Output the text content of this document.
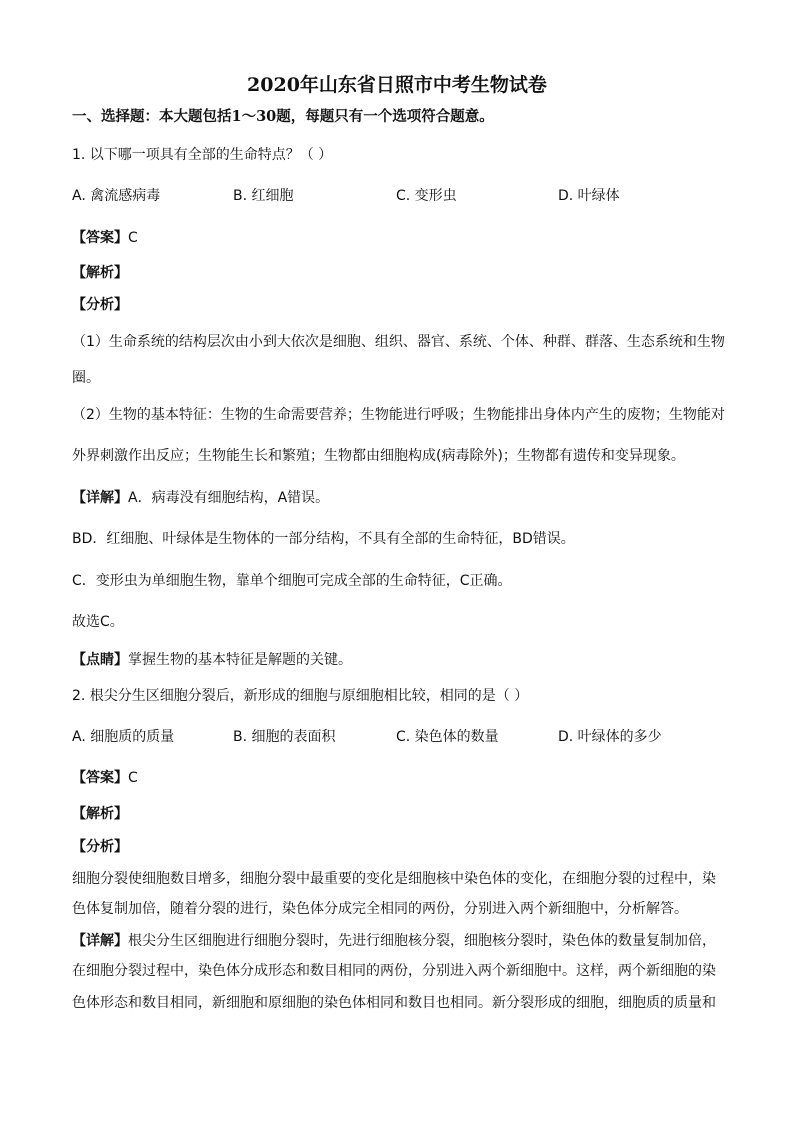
2020年山东省日照市中考生物试卷
一、选择题：本大题包括1～30题，每题只有一个选项符合题意。
1. 以下哪一项具有全部的生命特点？（ ）
A. 禽流感病毒	B. 红细胞	C. 变形虫	D. 叶绿体
【答案】C
【解析】
【分析】
（1）生命系统的结构层次由小到大依次是细胞、组织、器官、系统、个体、种群、群落、生态系统和生物
圈。
（2）生物的基本特征：生物的生命需要营养；生物能进行呼吸；生物能排出身体内产生的废物；生物能对
外界刺激作出反应；生物能生长和繁殖；生物都由细胞构成(病毒除外)；生物都有遗传和变异现象。
【详解】A．病毒没有细胞结构，A错误。
BD．红细胞、叶绿体是生物体的一部分结构，不具有全部的生命特征，BD错误。
C．变形虫为单细胞生物，靠单个细胞可完成全部的生命特征，C正确。
故选C。
【点睛】掌握生物的基本特征是解题的关键。
2. 根尖分生区细胞分裂后，新形成的细胞与原细胞相比较，相同的是（ ）
A. 细胞质的质量	B. 细胞的表面积	C. 染色体的数量	D. 叶绿体的多少
【答案】C
【解析】
【分析】
细胞分裂使细胞数目增多，细胞分裂中最重要的变化是细胞核中染色体的变化，在细胞分裂的过程中，染
色体复制加倍，随着分裂的进行，染色体分成完全相同的两份，分别进入两个新细胞中，分析解答。
【详解】根尖分生区细胞进行细胞分裂时，先进行细胞核分裂，细胞核分裂时，染色体的数量复制加倍，
在细胞分裂过程中，染色体分成形态和数目相同的两份，分别进入两个新细胞中。这样，两个新细胞的染
色体形态和数目相同，新细胞和原细胞的染色体相同和数目也相同。新分裂形成的细胞，细胞质的质量和
